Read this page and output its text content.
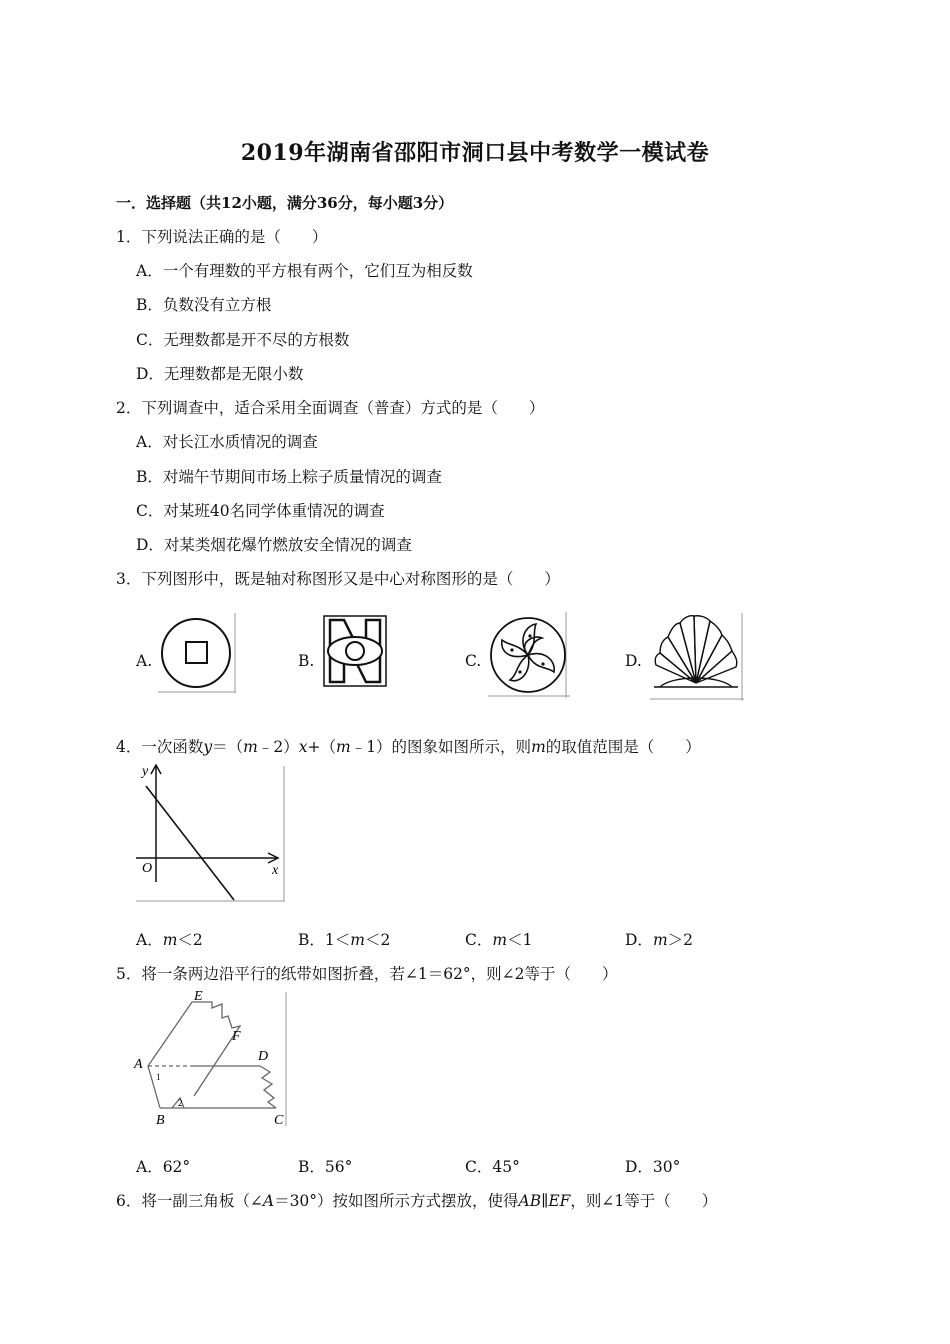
2019年湖南省邵阳市洞口县中考数学一模试卷
一．选择题（共12小题，满分36分，每小题3分）
1．下列说法正确的是（　　）
A．一个有理数的平方根有两个，它们互为相反数
B．负数没有立方根
C．无理数都是开不尽的方根数
D．无理数都是无限小数
2．下列调查中，适合采用全面调查（普查）方式的是（　　）
A．对长江水质情况的调查
B．对端午节期间市场上粽子质量情况的调查
C．对某班40名同学体重情况的调查
D．对某类烟花爆竹燃放安全情况的调查
3．下列图形中，既是轴对称图形又是中心对称图形的是（　　）
A.	B.	C.	D.
4．一次函数y＝（m﹣2）x+（m﹣1）的图象如图所示，则m的取值范围是（　　）
y
x
O
A．m＜2	B．1＜m＜2	C．m＜1	D．m＞2
5．将一条两边沿平行的纸带如图折叠，若∠1＝62°，则∠2等于（　　）
E
F
A
D
B	C
1
2
A．62°	B．56°	C．45°	D．30°
6．将一副三角板（∠A＝30°）按如图所示方式摆放，使得AB∥EF，则∠1等于（　　）
